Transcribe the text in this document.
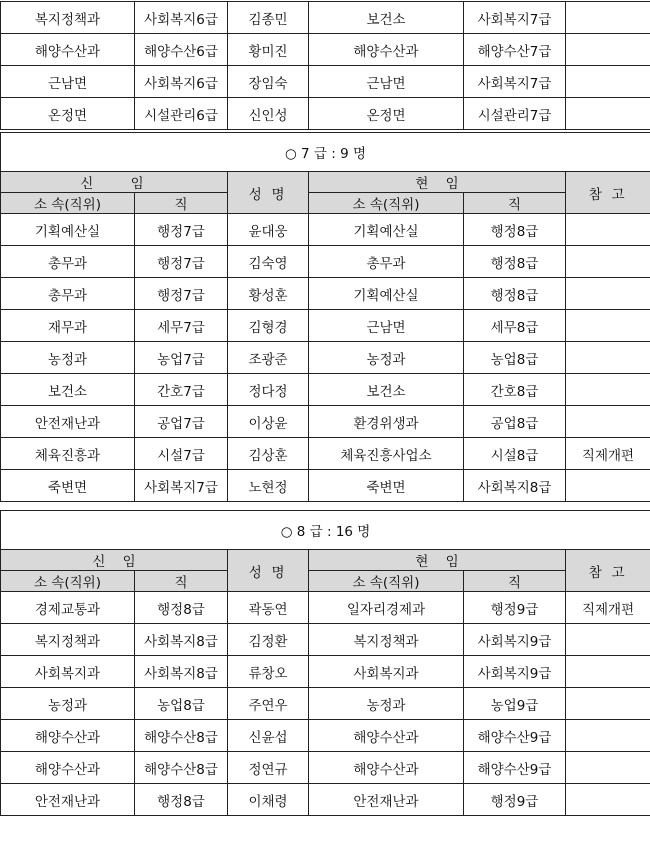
복지정책과	사회복지6급	김종민	보건소	사회복지7급	
해양수산과	해양수산6급	황미진	해양수산과	해양수산7급	
근남면	사회복지6급	장임숙	근남면	사회복지7급	
온정면	시설관리6급	신인성	온정면	시설관리7급	
○ 7 급 : 9 명					
신    임		성 명	현    임		참 고
소 속(직위)	직		소 속(직위)	직	
기획예산실	행정7급	윤대웅	기획예산실	행정8급	
총무과	행정7급	김숙영	총무과	행정8급	
총무과	행정7급	황성훈	기획예산실	행정8급	
재무과	세무7급	김형경	근남면	세무8급	
농정과	농업7급	조광준	농정과	농업8급	
보건소	간호7급	정다정	보건소	간호8급	
안전재난과	공업7급	이상윤	환경위생과	공업8급	
체육진흥과	시설7급	김상훈	체육진흥사업소	시설8급	직제개편
죽변면	사회복지7급	노현정	죽변면	사회복지8급	
○ 8 급 : 16 명					
신    임		성 명	현    임		참 고
소 속(직위)	직		소 속(직위)	직	
경제교통과	행정8급	곽동연	일자리경제과	행정9급	직제개편
복지정책과	사회복지8급	김정환	복지정책과	사회복지9급	
사회복지과	사회복지8급	류창오	사회복지과	사회복지9급	
농정과	농업8급	주연우	농정과	농업9급	
해양수산과	해양수산8급	신윤섭	해양수산과	해양수산9급	
해양수산과	해양수산8급	정연규	해양수산과	해양수산9급	
안전재난과	행정8급	이채령	안전재난과	행정9급	
